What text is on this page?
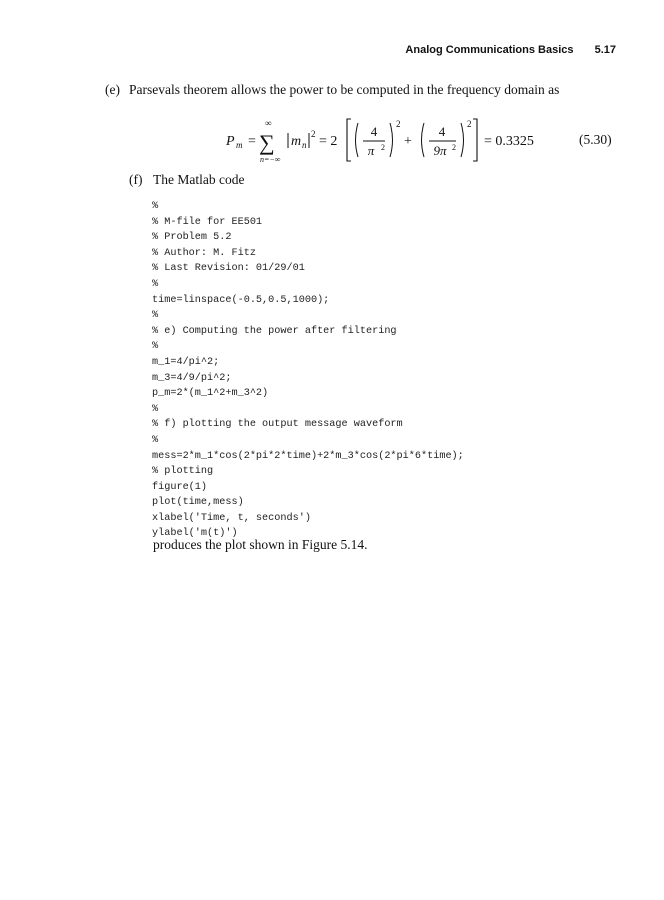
Analog Communications Basics 5.17
(e) Parsevals theorem allows the power to be computed in the frequency domain as
P m =
∞
∑
n=−∞
m n
2 = 2
4
π 2
2
+
4
9π 2
2
= 0.3325	(5.30)
(f) The Matlab code
%
% M-file for EE501
% Problem 5.2
% Author: M. Fitz
% Last Revision: 01/29/01
%
time=linspace(-0.5,0.5,1000);
%
% e) Computing the power after filtering
%
m_1=4/pi^2;
m_3=4/9/pi^2;
p_m=2*(m_1^2+m_3^2)
%
% f) plotting the output message waveform
%
mess=2*m_1*cos(2*pi*2*time)+2*m_3*cos(2*pi*6*time);
% plotting
figure(1)
plot(time,mess)
xlabel('Time, t, seconds')
ylabel('m(t)')
produces the plot shown in Figure 5.14.
